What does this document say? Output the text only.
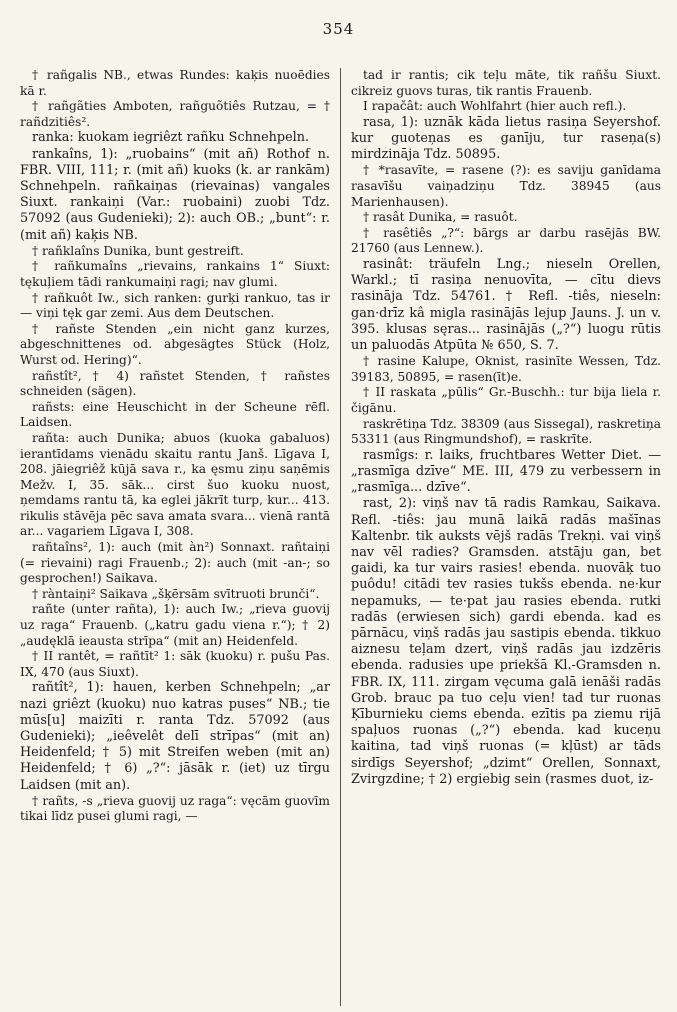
354

† rañgalis NB., etwas Rundes: kaķis nuoēdies kā r.

† rañgãties Amboten, rañguõtiês Rutzau, = † rañdzitiês².

ranka: kuokam iegriêzt rañku Schnehpeln.

rankaîns, 1): „ruobains“ (mit añ) Rothof n. FBR. VIII, 111; r. (mit añ) kuoks (k. ar rankām) Schnehpeln. rañkaiņas (rievainas) vangales Siuxt. rankaiņi (Var.: ruobaini) zuobi Tdz. 57092 (aus Gudenieki); 2): auch OB.; „bunt“: r. (mit añ) kaķis NB.

† rañklaîns Dunika, bunt gestreift.

† rañkumaîns „rievains, rankains 1“ Siuxt: tękuļiem tādi rankumaiņi ragi; nav glumi.

† rañkuôt Iw., sich ranken: gurķi rankuo, tas ir — viņi tęk gar zemi. Aus dem Deutschen.

† rañste Stenden „ein nicht ganz kurzes, abgeschnittenes od. abgesägtes Stück (Holz, Wurst od. Hering)“.

rañstît², † 4) rañstet Stenden, † rañstes schneiden (sägen).

rañsts: eine Heuschicht in der Scheune rēfl. Laidsen.

rañta: auch Dunika; abuos (kuoka gabaluos) ierantīdams vienādu skaitu rantu Janš. Līgava I, 208. jāiegriêž kūjā sava r., ka ęsmu ziņu saņēmis Mežv. I, 35. sāk... cirst šuo kuoku nuost, ņemdams rantu tā, ka eglei jākrīt turp, kur... 413. rikulis stāvēja pēc sava amata svara... vienā rantā ar... vagariem Līgava I, 308.

rañtaîns², 1): auch (mit àn²) Sonnaxt. rañtaiņi (= rievaini) ragi Frauenb.; 2): auch (mit -an-; so gesprochen!) Saikava.

† ràntaiņi² Saikava „šķērsām svītruoti brunči“.

rañte (unter rañta), 1): auch Iw.; „rieva guovij uz raga“ Frauenb. („katru gadu viena r.“); † 2) „audęklā ieausta strīpa“ (mit an) Heidenfeld.

† II rantêt, = rañtīt² 1: sāk (kuoku) r. pušu Pas. IX, 470 (aus Siuxt).

rañtît², 1): hauen, kerben Schnehpeln; „ar nazi griêzt (kuoku) nuo katras puses“ NB.; tie mūs[u] maizīti r. ranta Tdz. 57092 (aus Gudenieki); „ieêvelêt delī strīpas“ (mit an) Heidenfeld; † 5) mit Streifen weben (mit an) Heidenfeld; † 6) „?“: jāsāk r. (iet) uz tīrgu Laidsen (mit an).

† rañts, -s „rieva guovij uz raga“: vęcām guovīm tikai līdz pusei glumi ragi, —

tad ir rantis; cik teļu māte, tik rañšu Siuxt. cikreiz guovs turas, tik rantis Frauenb.

I rapačât: auch Wohlfahrt (hier auch refl.).

rasa, 1): uznāk kāda lietus rasiņa Seyershof. kur guoteņas es ganīju, tur raseņa(s) mirdzināja Tdz. 50895.

† *rasavīte, = rasene (?): es saviju ganīdama rasavīšu vaiņadziņu Tdz. 38945 (aus Marienhausen).

† rasât Dunika, = rasuôt.

† rasêtiês „?“: bārgs ar darbu rasējās BW. 21760 (aus Lennew.).

rasinât: träufeln Lng.; nieseln Orellen, Warkl.; tī rasiņa nenuovīta, — cītu dievs rasināja Tdz. 54761. † Refl. -tiês, nieseln: gan·drīz kâ migla rasinājās lejup Jauns. J. un v. 395. klusas sęras... rasinājās („?“) luogu rūtis un paluodās Atpūta № 650, S. 7.

† rasine Kalupe, Oknist, rasinīte Wessen, Tdz. 39183, 50895, = rasen(īt)e.

† II raskata „pūlis“ Gr.-Buschh.: tur bija liela r. čigānu.

raskrētiņa Tdz. 38309 (aus Sissegal), raskretiņa 53311 (aus Ringmundshof), = raskrīte.

rasmîgs: r. laiks, fruchtbares Wetter Diet. — „rasmīga dzīve“ ME. III, 479 zu verbessern in „rasmīga... dzīve“.

rast, 2): viņš nav tā radis Ramkau, Saikava. Refl. -tiês: jau munā laikā radās mašīnas Kaltenbr. tik auksts vējš radās Trekņi. vai viņš nav vēl radies? Gramsden. atstāju gan, bet gaidi, ka tur vairs rasies! ebenda. nuovāķ tuo puôdu! citādi tev rasies tukšs ebenda. ne·kur nepamuks, — te·pat jau rasies ebenda. rutki radās (erwiesen sich) gardi ebenda. kad es pārnācu, viņš radās jau sastipis ebenda. tikkuo aiznesu teļam dzert, viņš radās jau izdzēris ebenda. radusies upe priekšā Kl.-Gramsden n. FBR. IX, 111. zirgam vęcuma galā ienāši radās Grob. brauc pa tuo ceļu vien! tad tur ruonas Ķīburnieku ciems ebenda. ezītis pa ziemu rijā spaļuos ruonas („?“) ebenda. kad kuceņu kaitina, tad viņš ruonas (= kļūst) ar tāds sirdīgs Seyershof; „dzimt“ Orellen, Sonnaxt, Zvirgzdine; † 2) ergiebig sein (rasmes duot, iz-
